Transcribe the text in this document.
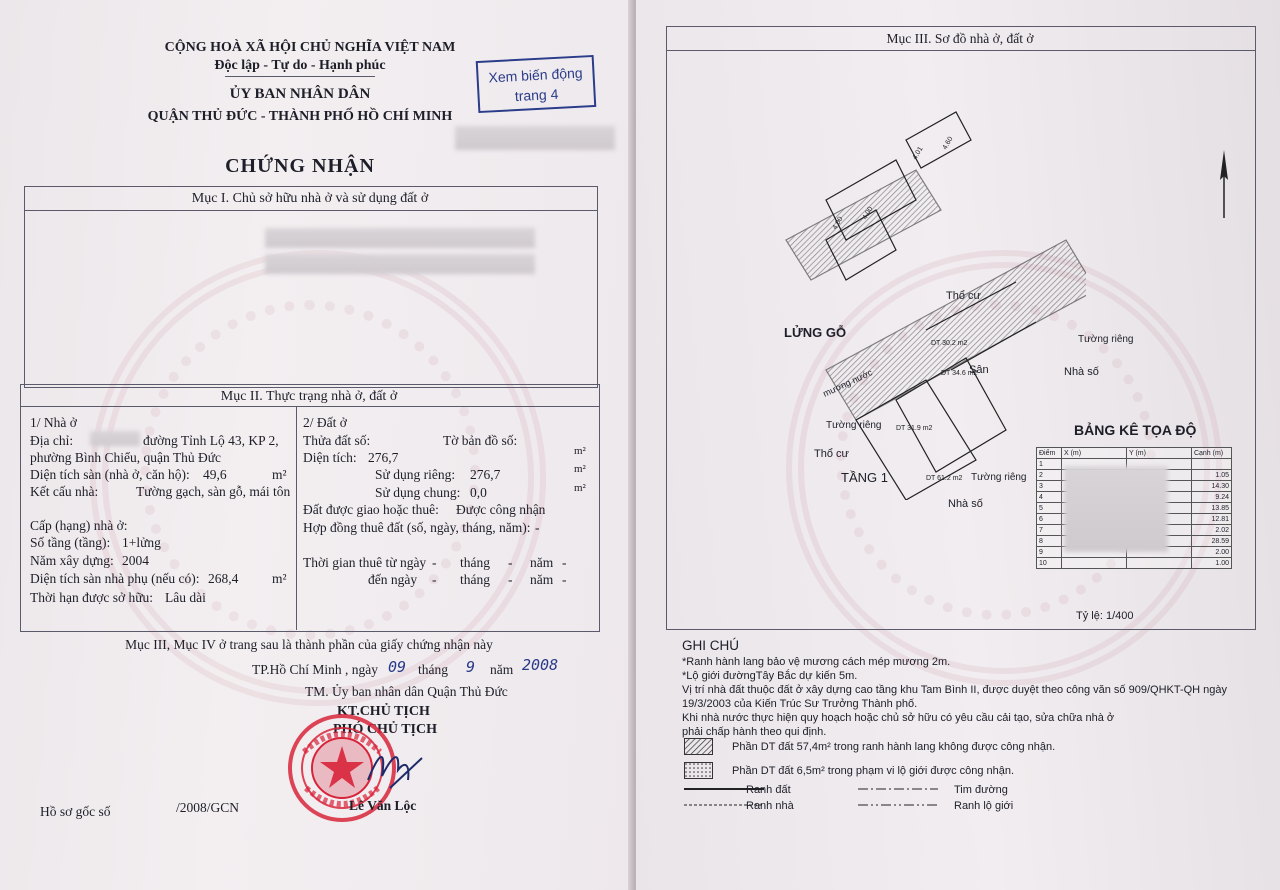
CỘNG HOÀ XÃ HỘI CHỦ NGHĨA VIỆT NAM
Độc lập - Tự do - Hạnh phúc
ỦY BAN NHÂN DÂN
QUẬN THỦ ĐỨC - THÀNH PHỐ HỒ CHÍ MINH
Xem biến động trang 4
CHỨNG NHẬN
Mục I. Chủ sở hữu nhà ở và sử dụng đất ở
Mục II. Thực trạng nhà ở, đất ở
1/ Nhà ở
Địa chỉ:	đường Tỉnh Lộ 43, KP 2,
phường Bình Chiểu, quận Thủ Đức
Diện tích sàn (nhà ở, căn hộ): 49,6	m²
Kết cấu nhà:	Tường gạch, sàn gỗ, mái tôn
Cấp (hạng) nhà ở:
Số tầng (tầng): 1+lửng
Năm xây dựng: 2004
Diện tích sàn nhà phụ (nếu có): 268,4 m²
Thời hạn được sở hữu: Lâu dài
2/ Đất ở
Thửa đất số:	Tờ bản đồ số:
Diện tích: 276,7	m²
Sử dụng riêng: 276,7	m²
Sử dụng chung: 0,0	m²
Đất được giao hoặc thuê: Được công nhận
Hợp đồng thuê đất (số, ngày, tháng, năm): -
Thời gian thuê từ ngày - tháng - năm -
đến ngày - tháng - năm -
Mục III, Mục IV ở trang sau là thành phần của giấy chứng nhận này
TP.Hồ Chí Minh , ngày 09 tháng 9 năm 2008
TM. Ủy ban nhân dân Quận Thủ Đức
KT.CHỦ TỊCH
PHÓ CHỦ TỊCH
Lê Văn Lộc
Hồ sơ gốc số	/2008/GCN
Mục III. Sơ đồ nhà ở, đất ở
4.00
4.00
4.01
4.60
DT 30.2 m2
DT 34.6 m2
DT 31.9 m2
DT 61.2 m2
LỬNG GỖ
TẦNG 1
Thổ cư
Thổ cư
Sân	Nhà số
Nhà số
Tường riêng
Tường riêng
Tường riêng
mương nước
BẢNG KÊ TỌA ĐỘ
Điểm	X (m)	Y (m)	Cạnh (m)
1			
2			1.05
3			14.30
4			9.24
5			13.85
6			12.81
7			2.02
8			28.59
9			2.00
10			1.00
Tỷ lệ: 1/400
GHI CHÚ
*Ranh hành lang bảo vệ mương cách mép mương 2m.
*Lộ giới đườngTây Bắc dự kiến 5m.
Vị trí nhà đất thuộc đất ở xây dựng cao tầng khu Tam Bình II, được duyệt theo công văn số 909/QHKT-QH ngày
19/3/2003 của Kiến Trúc Sư Trưởng Thành phố.
Khi nhà nước thực hiện quy hoạch hoặc chủ sở hữu có yêu cầu cải tạo, sửa chữa nhà ở
phải chấp hành theo qui định.
Phần DT đất 57,4m² trong ranh hành lang không được công nhận.
Phần DT đất 6,5m² trong phạm vi lộ giới được công nhận.
Ranh đất
Ranh nhà
Tim đường
Ranh lộ giới
